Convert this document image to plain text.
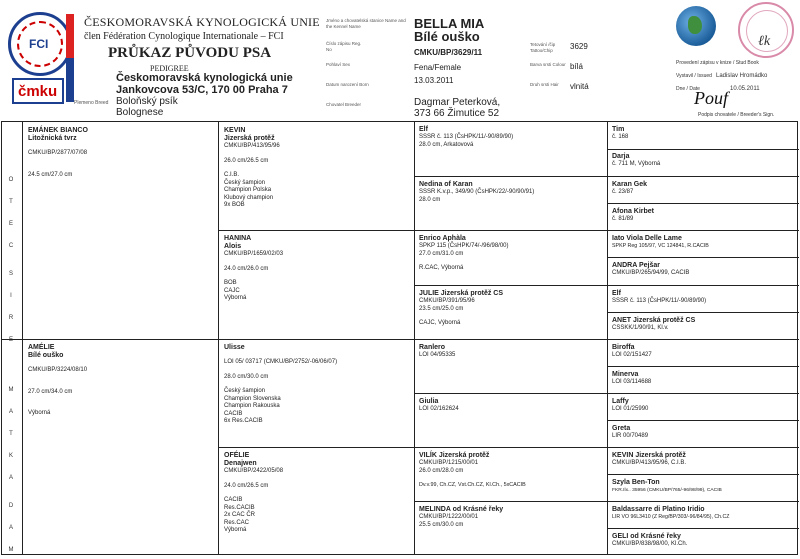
FCI
čmku
ČESKOMORAVSKÁ KYNOLOGICKÁ UNIE
člen Fédération Cynologique Internationale – FCI
PRŮKAZ PŮVODU PSA
PEDIGREE
Českomoravská kynologická unie
Jankovcova 53/C, 170 00 Praha 7
Plemeno Breed Boloňský psík
Bolognese
Jméno a chovatelská stanice Name and the Kennel Name
Číslo zápisu Reg. No
Pohlaví Sex
Datum narození Born
Chovatel Breeder
BELLA MIA
Bílé ouško
CMKU/BP/3629/11
Fena/Female
13.03.2011
Dagmar Peterková,
373 66 Žimutice 52
Tetování /čip Tattoo/Chip
Barva srsti Colour
Druh srsti Hair
3629
bílá
vlnitá
ℓk
Provedení zápisu v knize / Stud Book
Vystavil / Issued Ladislav Hromádko
Dne / Date	10.05.2011
Pouf
Podpis chovatele / Breeder's Sign.
O
T
E
C
S
I
R
E
M
A
T
K
A
D
A
M
EMÁNEK BIANCO
Litožnická tvrz
CMKU/BP/2877/07/08
24.5 cm/27.0 cm
AMÉLIE
Bílé ouško
CMKU/BP/3224/08/10
27.0 cm/34.0 cm
Výborná
KEVIN
Jizerská protěž
CMKU/BP/413/95/96
26.0 cm/26.5 cm
C.I.B.
Český šampion
Champion Polska
Klubový champion
9x BOB
HANINA
Alois
CMKU/BP/1659/02/03
24.0 cm/26.0 cm
BOB
CAJC
Výborná
Ulisse
LOI 05/ 03717 (CMKU/BP/2752/-06/06/07)
28.0 cm/30.0 cm
Český šampion
Champion Slovenska
Champion Rakouska
CACIB
6x Res.CACIB
OFÉLIE
Denajwen
CMKU/BP/2422/05/08
24.0 cm/26.5 cm
CACIB
Res.CACIB
2x CAC ČR
Res.CAC
Výborná
Elf
SSSR č. 113 (ČsHPK/11/-90/89/90)
28.0 cm, Arkatovová
Nedina of Karan
SSSR K.v.p., 349/90 (ČsHPK/22/-90/90/91)
28.0 cm
Enrico Aphàla
SPKP 115 (ČsHPK/74/-/96/98/00)
27.0 cm/31.0 cm
R.CAC, Výborná
JULIE Jizerská protěž CS
CMKU/BP/391/95/96
23.5 cm/25.0 cm
CAJC, Výborná
Ranlero
LOI 04/95335
Giulia
LOI 02/162624
VILÍK Jizerská protěž
CMKU/BP/1215/00/01
26.0 cm/28.0 cm
Dv.v.99, Ch.CZ, Vst.Ch.CZ, Kl.Ch., 5xCACIB
MELINDA od Krásné řeky
CMKU/BP/1222/00/01
25.5 cm/30.0 cm
Tim
č. 168
Darja
č. 711 M, Výborná
Karan Gek
č. 23/87
Afona Kirbet
č. 81/89
Iato Viola Delle Lame
SPKP Reg 105/97, VC 124841, R.CACIB
ANDRA Pejšar
CMKU/BP/265/94/99, CACIB
Elf
SSSR č. 113 (ČsHPK/11/-90/89/90)
ANET Jizerská protěž CS
CSSKK/1/90/91, Kl.v.
Biroffa
LOI 02/151427
Minerva
LOI 03/114688
Laffy
LOI 01/25990
Greta
LIR 00/70489
KEVIN Jizerská protěž
CMKU/BP/413/95/96, C.I.B.
Szyla Ben-Ton
FKR.Ilx.. 35956 (CMKU/BP/765/-96/98/99), CACIB
Baldassarre di Platino Iridio
LIR VO 96L3410 (Z Reg/BP/303/-96/84/95), Ch.CZ
GELI od Krásné řeky
CMKU/BP/838/98/00, Kl.Ch.
